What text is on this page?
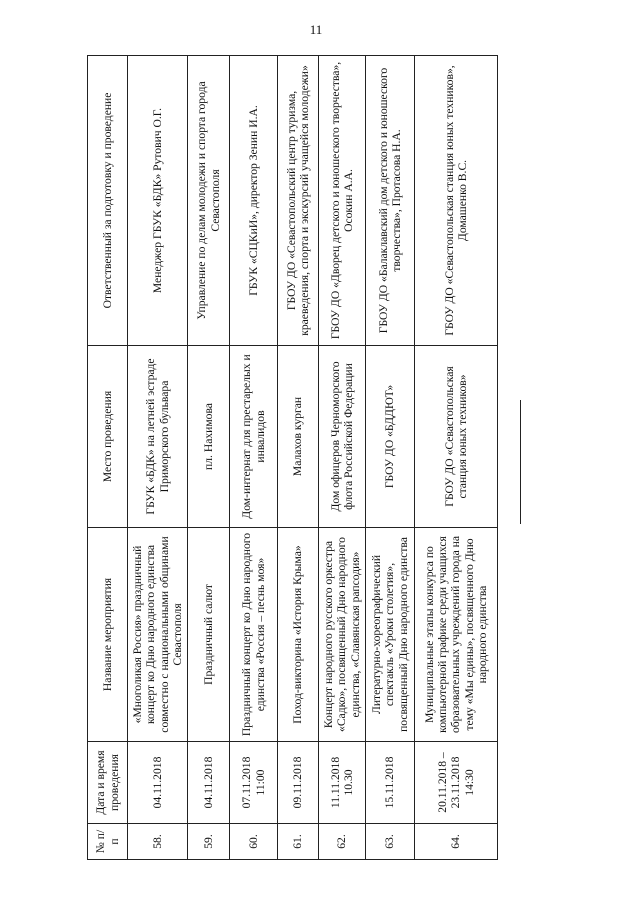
11
№ п/п	Дата и время проведения	Название мероприятия	Место проведения	Ответственный за подготовку и проведение
58.	04.11.2018	«Многоликая Россия» праздничный концерт ко Дню народного единства совместно с национальными общинами Севастополя	ГБУК «БДК» на летней эстраде Приморского бульвара	Менеджер ГБУК «БДК» Рутович О.Г.
59.	04.11.2018	Праздничный салют	пл. Нахимова	Управление по делам молодежи и спорта города Севастополя
60.	07.11.2018 11:00	Праздничный концерт ко Дню народного единства «Россия – песнь моя»	Дом-интернат для престарелых и инвалидов	ГБУК «СЦКиИ», директор Зенин И.А.
61.	09.11.2018	Поход-викторина «История Крыма»	Малахов курган	ГБОУ ДО «Севастопольский центр туризма, краеведения, спорта и экскурсий учащейся молодежи»
62.	11.11.2018 10.30	Концерт народного русского оркестра «Садко», посвященный Дню народного единства, «Славянская рапсодия»	Дом офицеров Черноморского флота Российской Федерации	ГБОУ ДО «Дворец детского и юношеского творчества», Осокин А.А.
63.	15.11.2018	Литературно-хореографический спектакль «Уроки столетия», посвященный Дню народного единства	ГБОУ ДО «БДДЮТ»	ГБОУ ДО «Балаклавский дом детского и юношеского творчества», Протасова Н.А.
64.	20.11.2018 – 23.11.2018 14:30	Муниципальные этапы конкурса по компьютерной графике среди учащихся образовательных учреждений города на тему «Мы едины», посвященного Дню народного единства	ГБОУ ДО «Севастопольская станция юных техников»	ГБОУ ДО «Севастопольская станция юных техников», Домашенко В.С.
